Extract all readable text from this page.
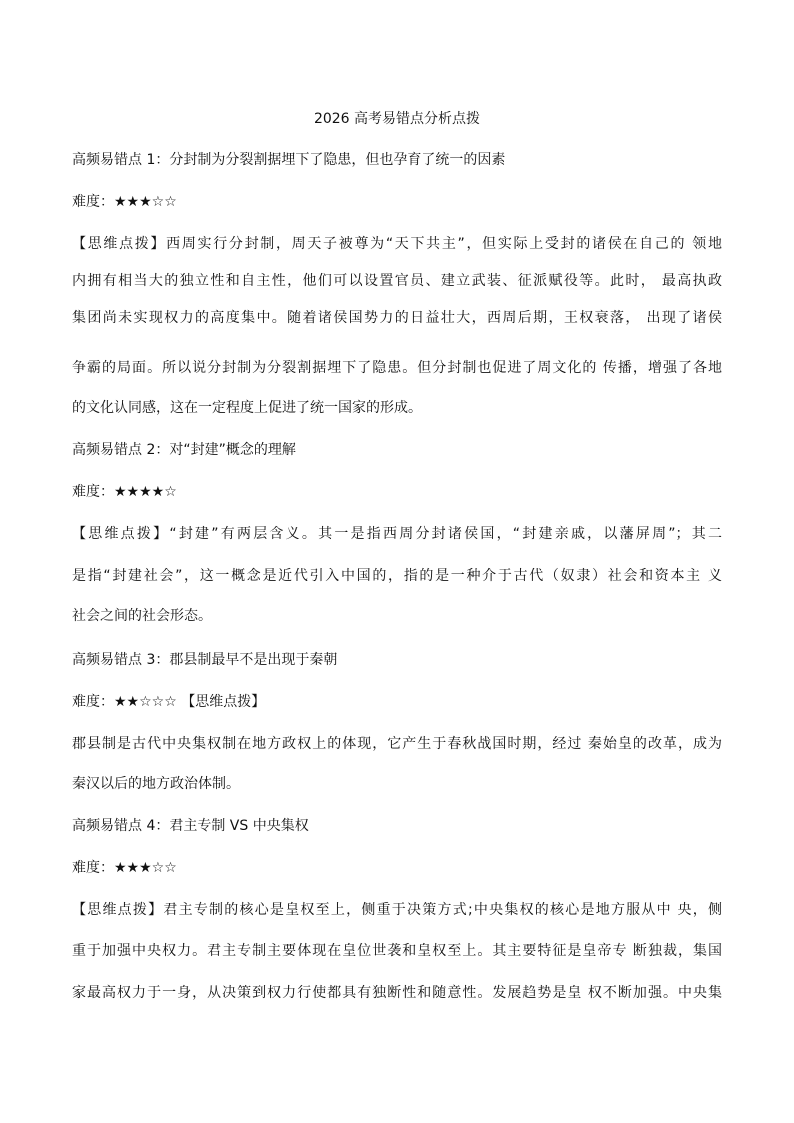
2026 高考易错点分析点拨

高频易错点 1：分封制为分裂割据埋下了隐患，但也孕育了统一的因素

难度：★★★☆☆

【思维点拨】西周实行分封制，周天子被尊为“天下共主”，但实际上受封的诸侯在自己的 领地

内拥有相当大的独立性和自主性，他们可以设置官员、建立武装、征派赋役等。此时， 最高执政

集团尚未实现权力的高度集中。随着诸侯国势力的日益壮大，西周后期，王权衰落， 出现了诸侯

争霸的局面。所以说分封制为分裂割据埋下了隐患。但分封制也促进了周文化的 传播，增强了各地

的文化认同感，这在一定程度上促进了统一国家的形成。

高频易错点 2：对“封建”概念的理解

难度：★★★★☆

【思维点拨】“封建”有两层含义。其一是指西周分封诸侯国，“封建亲戚，以藩屏周”；其二

是指“封建社会”，这一概念是近代引入中国的，指的是一种介于古代（奴隶）社会和资本主 义

社会之间的社会形态。

高频易错点 3：郡县制最早不是出现于秦朝

难度：★★☆☆☆ 【思维点拨】

郡县制是古代中央集权制在地方政权上的体现，它产生于春秋战国时期，经过 秦始皇的改革，成为

秦汉以后的地方政治体制。

高频易错点 4：君主专制 VS 中央集权

难度：★★★☆☆

【思维点拨】君主专制的核心是皇权至上，侧重于决策方式;中央集权的核心是地方服从中 央，侧

重于加强中央权力。君主专制主要体现在皇位世袭和皇权至上。其主要特征是皇帝专 断独裁，集国

家最高权力于一身，从决策到权力行使都具有独断性和随意性。发展趋势是皇 权不断加强。中央集
